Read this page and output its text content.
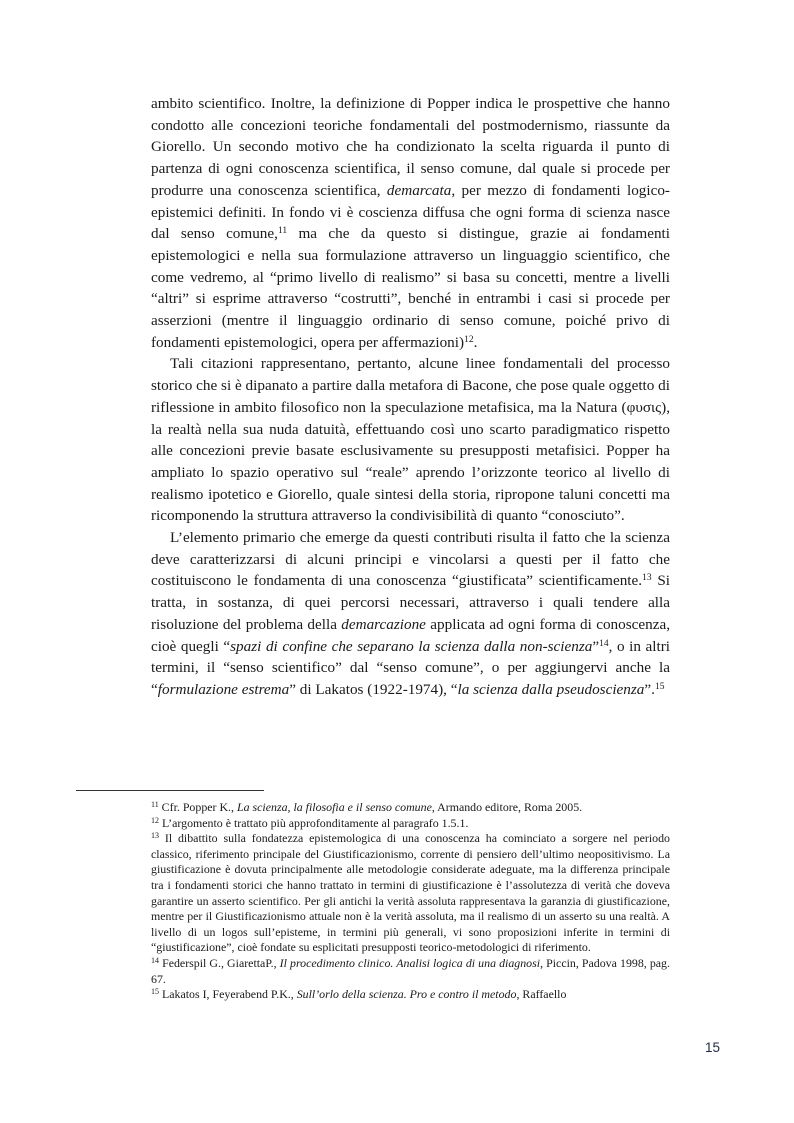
ambito scientifico. Inoltre, la definizione di Popper indica le prospettive che hanno condotto alle concezioni teoriche fondamentali del postmodernismo, riassunte da Giorello. Un secondo motivo che ha condizionato la scelta riguarda il punto di partenza di ogni conoscenza scientifica, il senso comune, dal quale si procede per produrre una conoscenza scientifica, demarcata, per mezzo di fondamenti logico-epistemici definiti. In fondo vi è coscienza diffusa che ogni forma di scienza nasce dal senso comune,$^{11}$ ma che da questo si distingue, grazie ai fondamenti epistemologici e nella sua formulazione attraverso un linguaggio scientifico, che come vedremo, al “primo livello di realismo” si basa su concetti, mentre a livelli “altri” si esprime attraverso “costrutti”, benché in entrambi i casi si procede per asserzioni (mentre il linguaggio ordinario di senso comune, poiché privo di fondamenti epistemologici, opera per affermazioni)$^{12}$.

Tali citazioni rappresentano, pertanto, alcune linee fondamentali del processo storico che si è dipanato a partire dalla metafora di Bacone, che pose quale oggetto di riflessione in ambito filosofico non la speculazione metafisica, ma la Natura (φυσις), la realtà nella sua nuda datuità, effettuando così uno scarto paradigmatico rispetto alle concezioni previe basate esclusivamente su presupposti metafisici. Popper ha ampliato lo spazio operativo sul “reale” aprendo l’orizzonte teorico al livello di realismo ipotetico e Giorello, quale sintesi della storia, ripropone taluni concetti ma ricomponendo la struttura attraverso la condivisibilità di quanto “conosciuto”.

L’elemento primario che emerge da questi contributi risulta il fatto che la scienza deve caratterizzarsi di alcuni principi e vincolarsi a questi per il fatto che costituiscono le fondamenta di una conoscenza “giustificata” scientificamente.$^{13}$ Si tratta, in sostanza, di quei percorsi necessari, attraverso i quali tendere alla risoluzione del problema della demarcazione applicata ad ogni forma di conoscenza, cioè quegli “spazi di confine che separano la scienza dalla non-scienza”$^{14}$, o in altri termini, il “senso scientifico” dal “senso comune”, o per aggiungervi anche la “formulazione estrema” di Lakatos (1922-1974), “la scienza dalla pseudoscienza”.$^{15}$

$^{11}$ Cfr. Popper K., La scienza, la filosofia e il senso comune, Armando editore, Roma 2005.

$^{12}$ L’argomento è trattato più approfonditamente al paragrafo 1.5.1.

$^{13}$ Il dibattito sulla fondatezza epistemologica di una conoscenza ha cominciato a sorgere nel periodo classico, riferimento principale del Giustificazionismo, corrente di pensiero dell’ultimo neopositivismo. La giustificazione è dovuta principalmente alle metodologie considerate adeguate, ma la differenza principale tra i fondamenti storici che hanno trattato in termini di giustificazione è l’assolutezza di verità che doveva garantire un asserto scientifico. Per gli antichi la verità assoluta rappresentava la garanzia di giustificazione, mentre per il Giustificazionismo attuale non è la verità assoluta, ma il realismo di un asserto su una realtà. A livello di un logos sull’episteme, in termini più generali, vi sono proposizioni inferite in termini di “giustificazione”, cioè fondate su esplicitati presupposti teorico-metodologici di riferimento.

$^{14}$ Federspil G., GiarettaP., Il procedimento clinico. Analisi logica di una diagnosi, Piccin, Padova 1998, pag. 67.

$^{15}$ Lakatos I, Feyerabend P.K., Sull’orlo della scienza. Pro e contro il metodo, Raffaello

15
